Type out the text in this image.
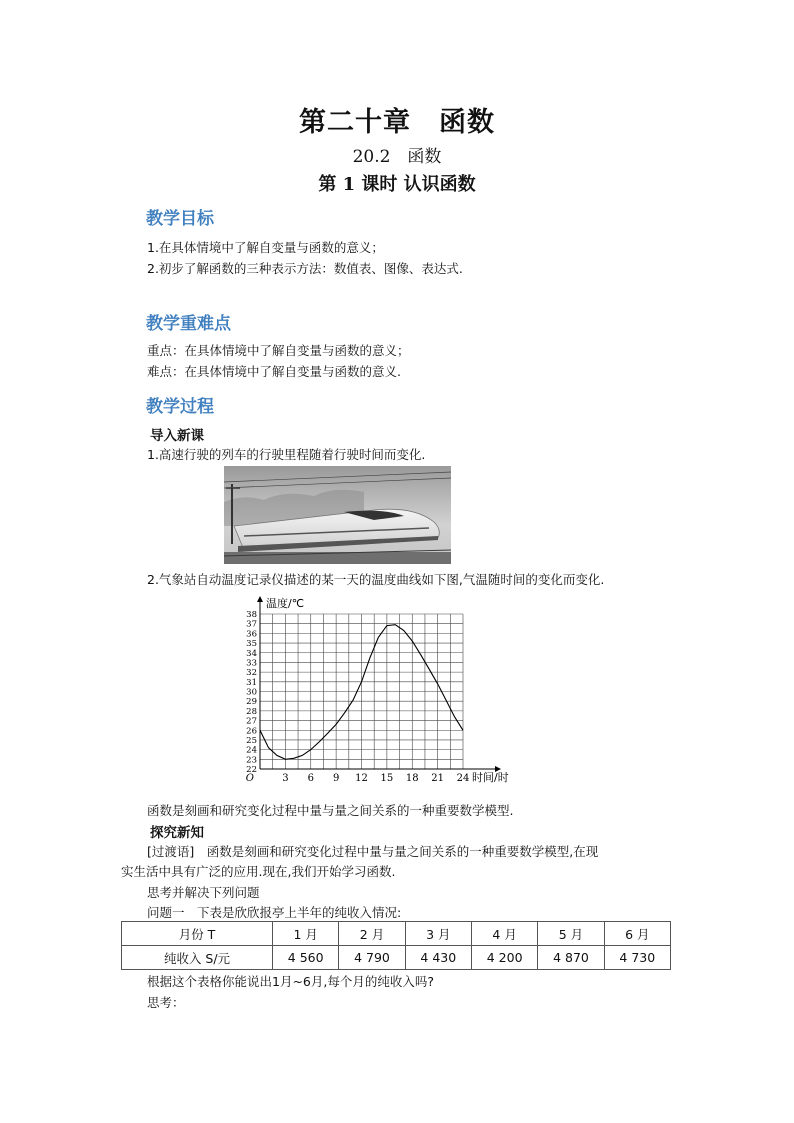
第二十章　函数
20.2　函数
第 1 课时 认识函数
教学目标
1.在具体情境中了解自变量与函数的意义；
2.初步了解函数的三种表示方法：数值表、图像、表达式.
教学重难点
重点：在具体情境中了解自变量与函数的意义；
难点：在具体情境中了解自变量与函数的意义.
教学过程
导入新课
1.高速行驶的列车的行驶里程随着行驶时间而变化.
2.气象站自动温度记录仪描述的某一天的温度曲线如下图,气温随时间的变化而变化.
22
23
24
25
26
27
28
29
30
31
32
33
34
35
36
37
38
3 6 9 12 15 18 21 24
O	时间/时
温度/℃
函数是刻画和研究变化过程中量与量之间关系的一种重要数学模型.
探究新知
[过渡语]　函数是刻画和研究变化过程中量与量之间关系的一种重要数学模型,在现
实生活中具有广泛的应用.现在,我们开始学习函数.
思考并解决下列问题
问题一　下表是欣欣报亭上半年的纯收入情况:
月份 T	1 月	2 月	3 月	4 月	5 月	6 月
纯收入 S/元	4 560	4 790	4 430	4 200	4 870	4 730
根据这个表格你能说出1月~6月,每个月的纯收入吗?
思考：
